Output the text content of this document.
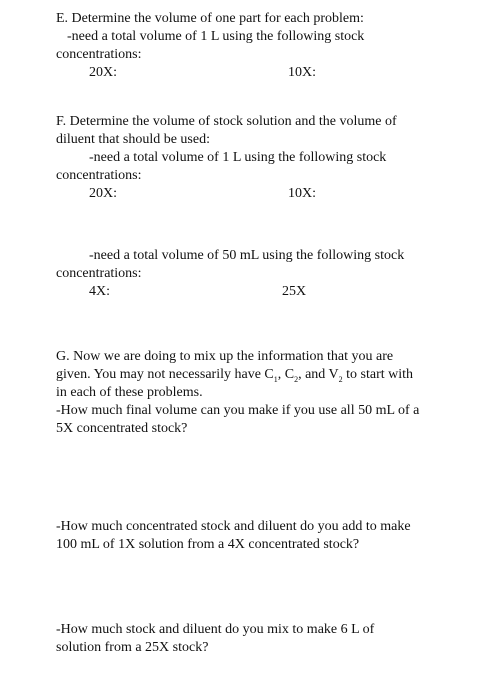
E. Determine the volume of one part for each problem:
-need a total volume of 1 L using the following stock
concentrations:
20X:	10X:
F. Determine the volume of stock solution and the volume of
diluent that should be used:
-need a total volume of 1 L using the following stock
concentrations:
20X:	10X:
-need a total volume of 50 mL using the following stock
concentrations:
4X:	25X
G. Now we are doing to mix up the information that you are
given. You may not necessarily have $C_1$, $C_2$, and $V_2$ to start with
in each of these problems.
-How much final volume can you make if you use all 50 mL of a
5X concentrated stock?
-How much concentrated stock and diluent do you add to make
100 mL of 1X solution from a 4X concentrated stock?
-How much stock and diluent do you mix to make 6 L of
solution from a 25X stock?
